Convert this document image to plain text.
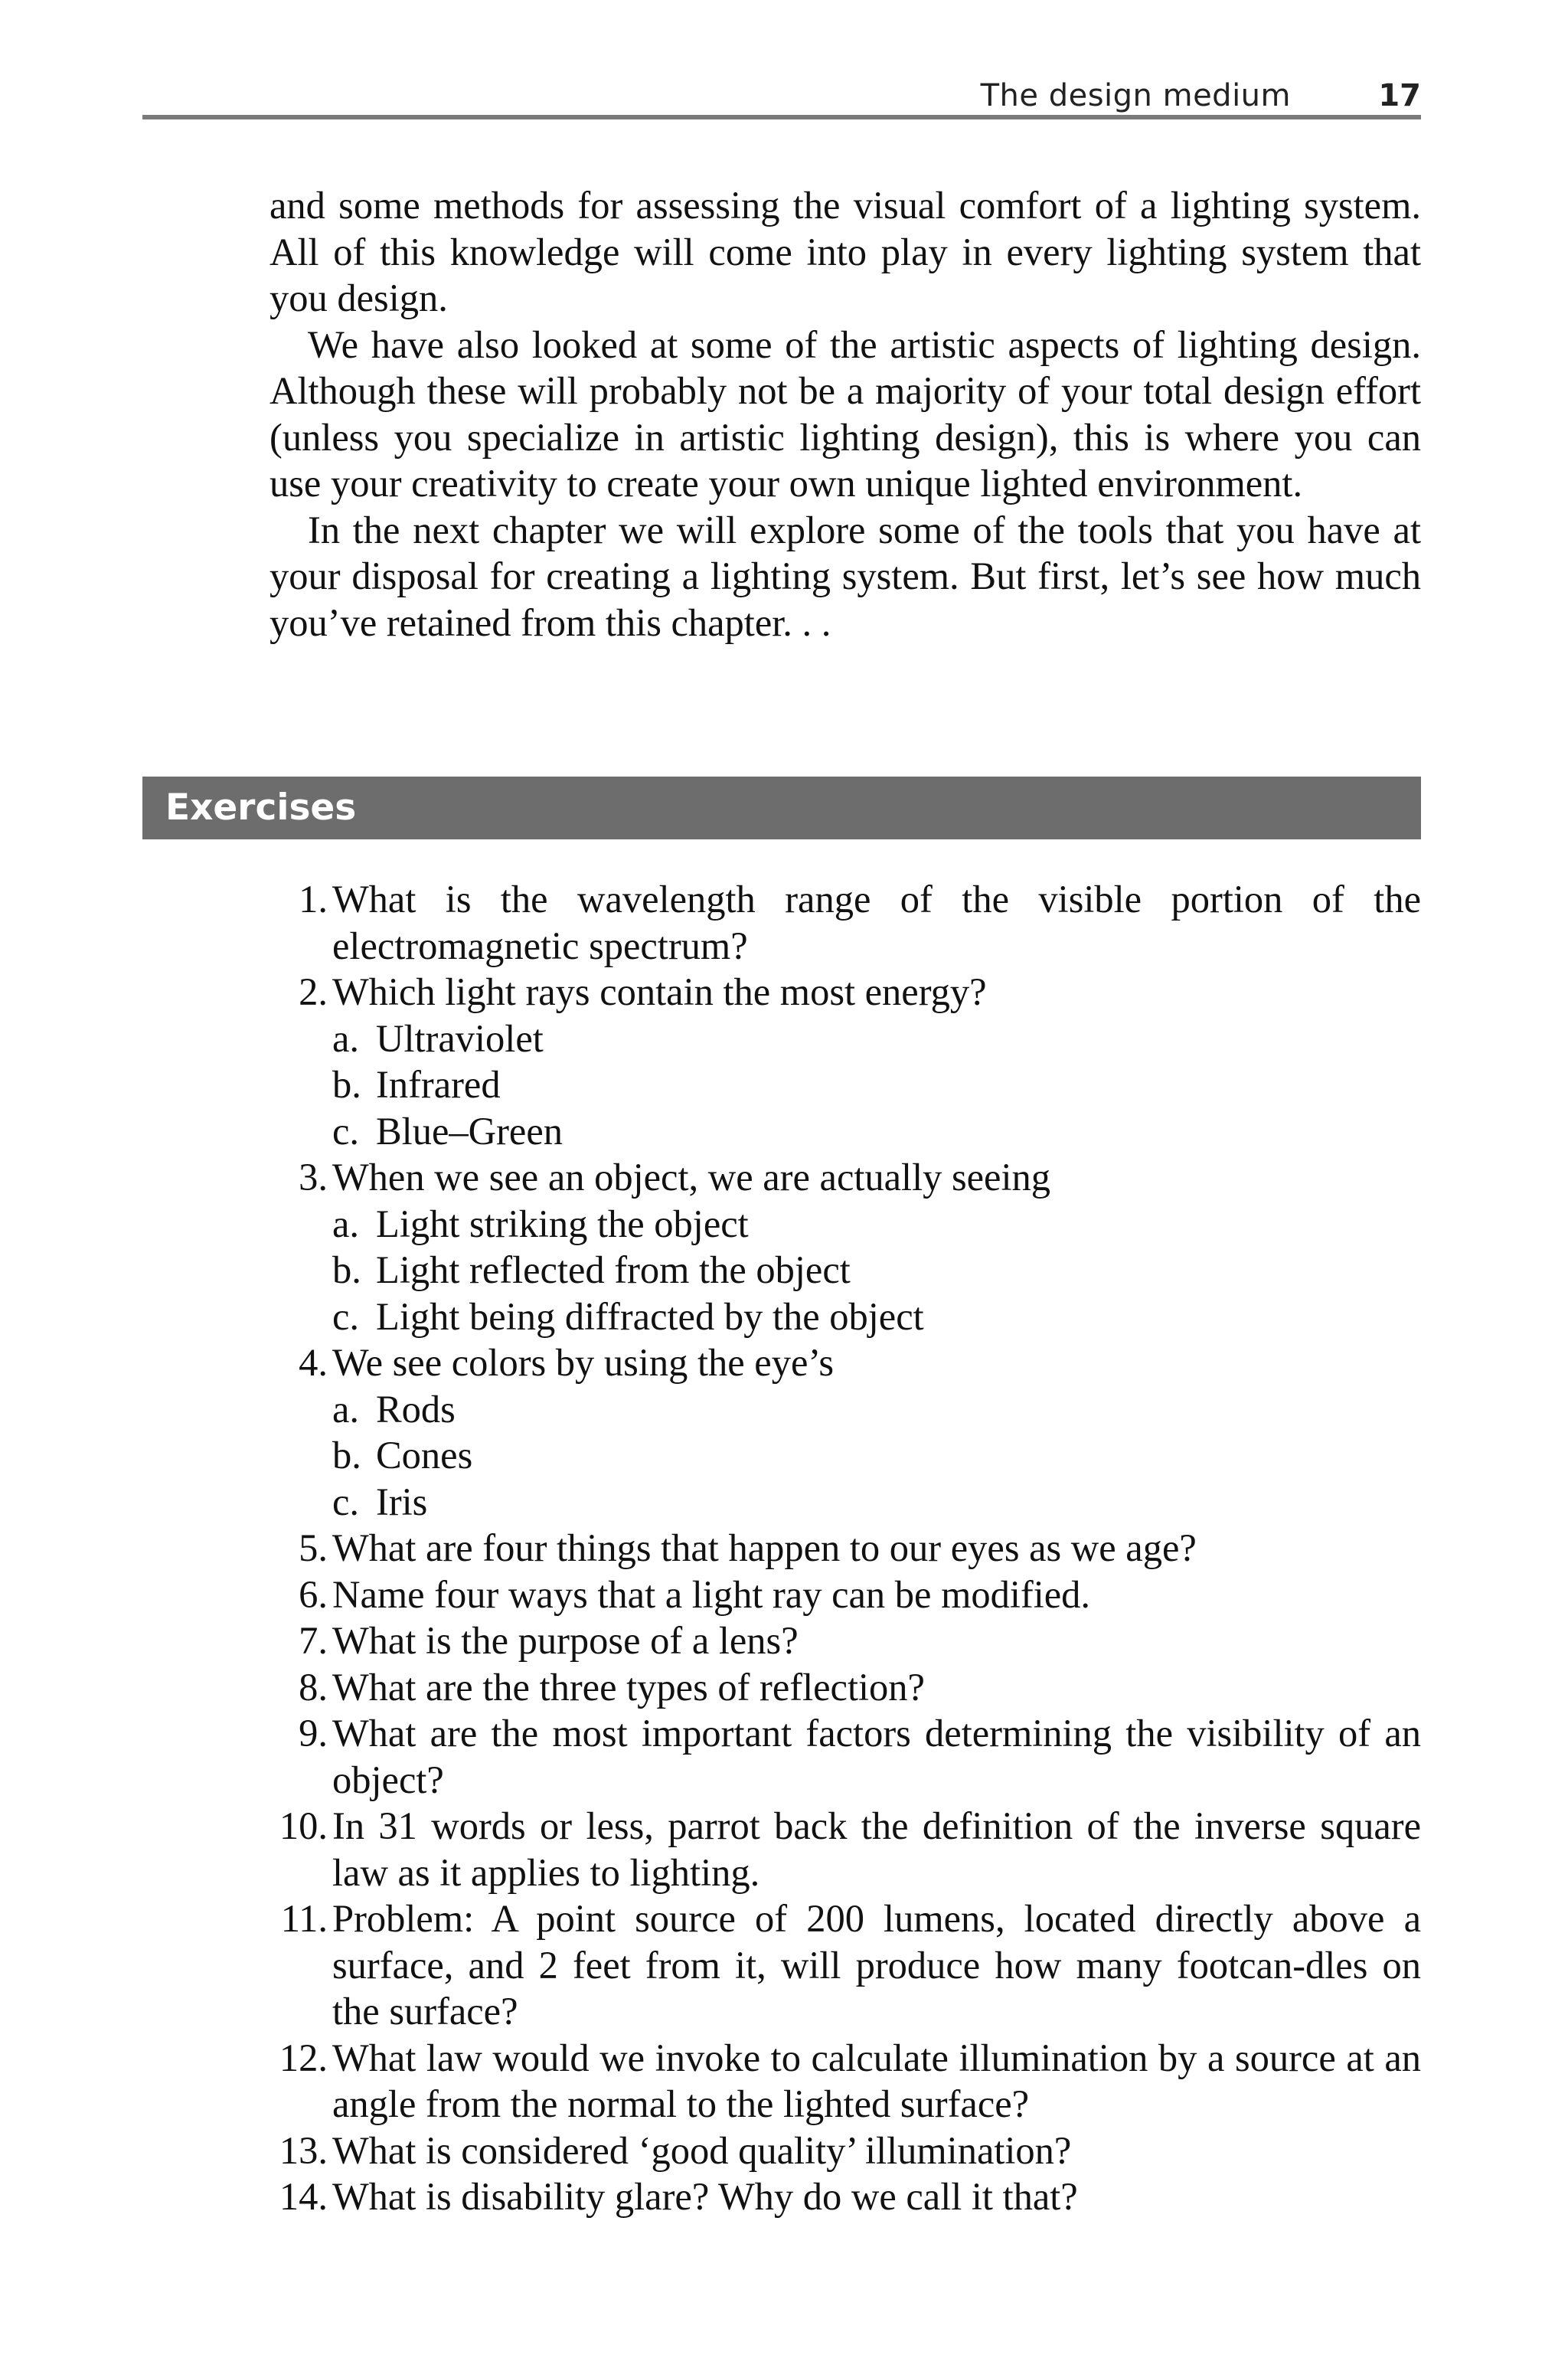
The design medium	17

and some methods for assessing the visual comfort of a lighting system. All of this knowledge will come into play in every lighting system that you design.

We have also looked at some of the artistic aspects of lighting design. Although these will probably not be a majority of your total design effort (unless you specialize in artistic lighting design), this is where you can use your creativity to create your own unique lighted environment.

In the next chapter we will explore some of the tools that you have at your disposal for creating a lighting system. But first, let’s see how much you’ve retained from this chapter. . .

Exercises
1. What is the wavelength range of the visible portion of the electromagnetic spectrum?
2. Which light rays contain the most energy?
a. Ultraviolet
b. Infrared
c. Blue–Green
3. When we see an object, we are actually seeing
a. Light striking the object
b. Light reflected from the object
c. Light being diffracted by the object
4. We see colors by using the eye’s
a. Rods
b. Cones
c. Iris
5. What are four things that happen to our eyes as we age?
6. Name four ways that a light ray can be modified.
7. What is the purpose of a lens?
8. What are the three types of reflection?
9. What are the most important factors determining the visibility of an object?
10. In 31 words or less, parrot back the definition of the inverse square law as it applies to lighting.
11. Problem: A point source of 200 lumens, located directly above a surface, and 2 feet from it, will produce how many footcan-dles on the surface?
12. What law would we invoke to calculate illumination by a source at an angle from the normal to the lighted surface?
13. What is considered ‘good quality’ illumination?
14. What is disability glare? Why do we call it that?
